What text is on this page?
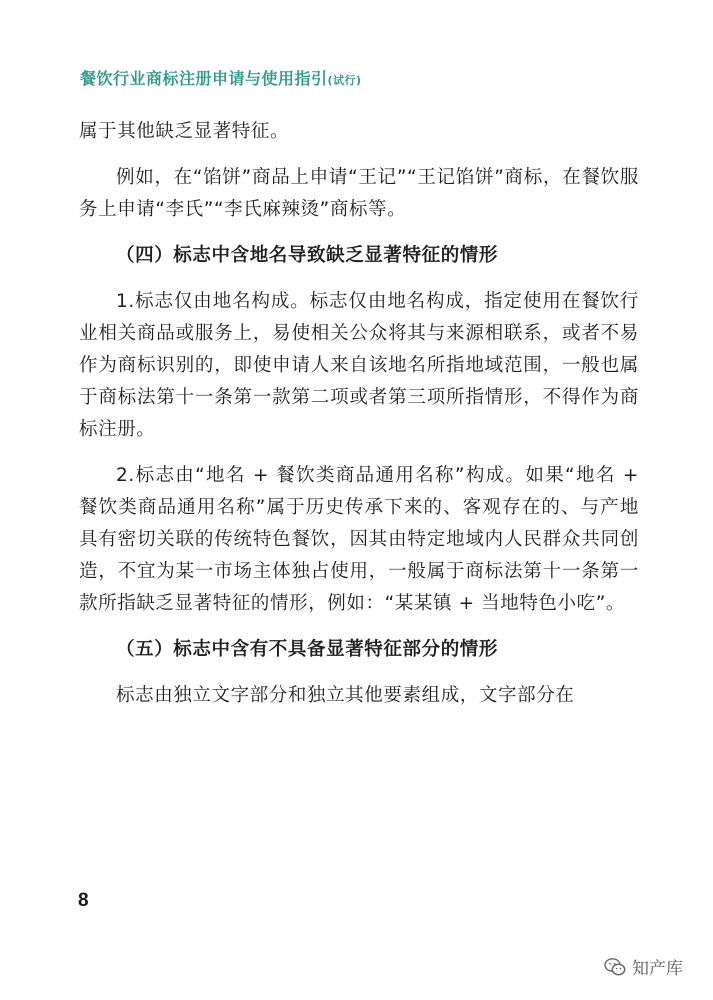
餐饮行业商标注册申请与使用指引(试行)

属于其他缺乏显著特征。

例如，在“馅饼”商品上申请“王记”“王记馅饼”商标，在餐饮服务上申请“李氏”“李氏麻辣烫”商标等。

（四）标志中含地名导致缺乏显著特征的情形

1.标志仅由地名构成。标志仅由地名构成，指定使用在餐饮行业相关商品或服务上，易使相关公众将其与来源相联系，或者不易作为商标识别的，即使申请人来自该地名所指地域范围，一般也属于商标法第十一条第一款第二项或者第三项所指情形，不得作为商标注册。

2.标志由“地名 + 餐饮类商品通用名称”构成。如果“地名 + 餐饮类商品通用名称”属于历史传承下来的、客观存在的、与产地具有密切关联的传统特色餐饮，因其由特定地域内人民群众共同创造，不宜为某一市场主体独占使用，一般属于商标法第十一条第一款所指缺乏显著特征的情形，例如：“某某镇 + 当地特色小吃”。

（五）标志中含有不具备显著特征部分的情形

标志由独立文字部分和独立其他要素组成，文字部分在

8
知产库
